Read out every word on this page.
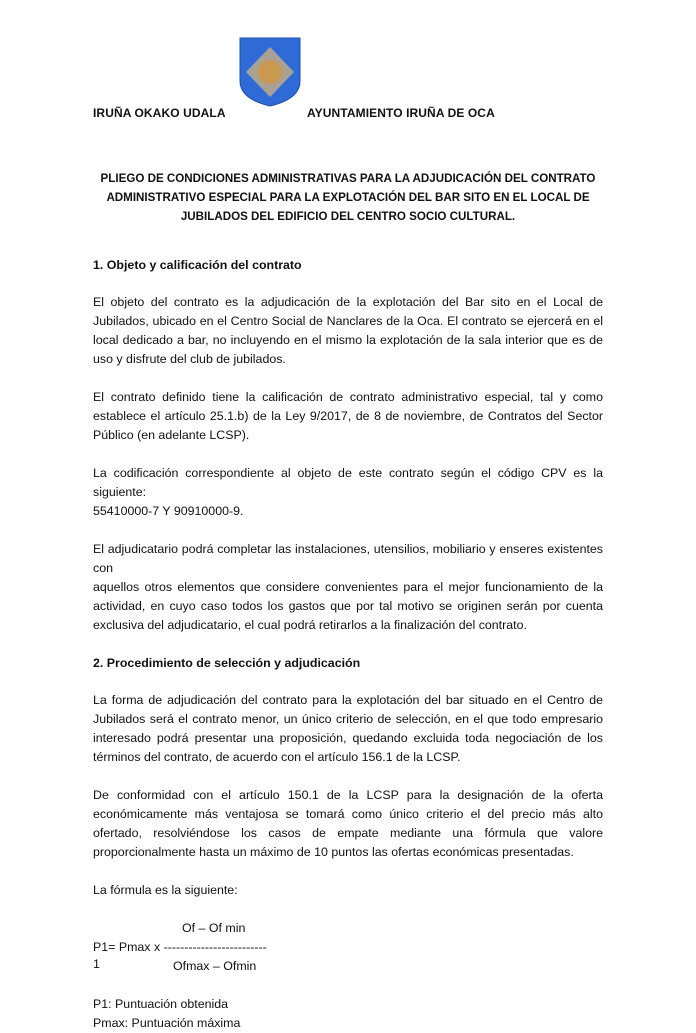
IRUÑA OKAKO UDALA	AYUNTAMIENTO IRUÑA DE OCA
PLIEGO DE CONDICIONES ADMINISTRATIVAS PARA LA ADJUDICACIÓN DEL CONTRATO
ADMINISTRATIVO ESPECIAL PARA LA EXPLOTACIÓN DEL BAR SITO EN EL LOCAL DE
JUBILADOS DEL EDIFICIO DEL CENTRO SOCIO CULTURAL.
1. Objeto y calificación del contrato

El objeto del contrato es la adjudicación de la explotación del Bar sito en el Local de Jubilados, ubicado en el Centro Social de Nanclares de la Oca. El contrato se ejercerá en el local dedicado a bar, no incluyendo en el mismo la explotación de la sala interior que es de uso y disfrute del club de jubilados.

El contrato definido tiene la calificación de contrato administrativo especial, tal y como establece el artículo 25.1.b) de la Ley 9/2017, de 8 de noviembre, de Contratos del Sector Público (en adelante LCSP).

La codificación correspondiente al objeto de este contrato según el código CPV es la siguiente:

55410000-7 Y 90910000-9.

El adjudicatario podrá completar las instalaciones, utensilios, mobiliario y enseres existentes con

aquellos otros elementos que considere convenientes para el mejor funcionamiento de la actividad, en cuyo caso todos los gastos que por tal motivo se originen serán por cuenta exclusiva del adjudicatario, el cual podrá retirarlos a la finalización del contrato.

2. Procedimiento de selección y adjudicación

La forma de adjudicación del contrato para la explotación del bar situado en el Centro de Jubilados será el contrato menor, un único criterio de selección, en el que todo empresario interesado podrá presentar una proposición, quedando excluida toda negociación de los términos del contrato, de acuerdo con el artículo 156.1 de la LCSP.

De conformidad con el artículo 150.1 de la LCSP para la designación de la oferta económicamente más ventajosa se tomará como único criterio el del precio más alto ofertado, resolviéndose los casos de empate mediante una fórmula que valore proporcionalmente hasta un máximo de 10 puntos las ofertas económicas presentadas.

La fórmula es la siguiente:

Of – Of min
P1= Pmax x -------------------------
Ofmax – Ofmin
P1: Puntuación obtenida
Pmax: Puntuación máxima
1
